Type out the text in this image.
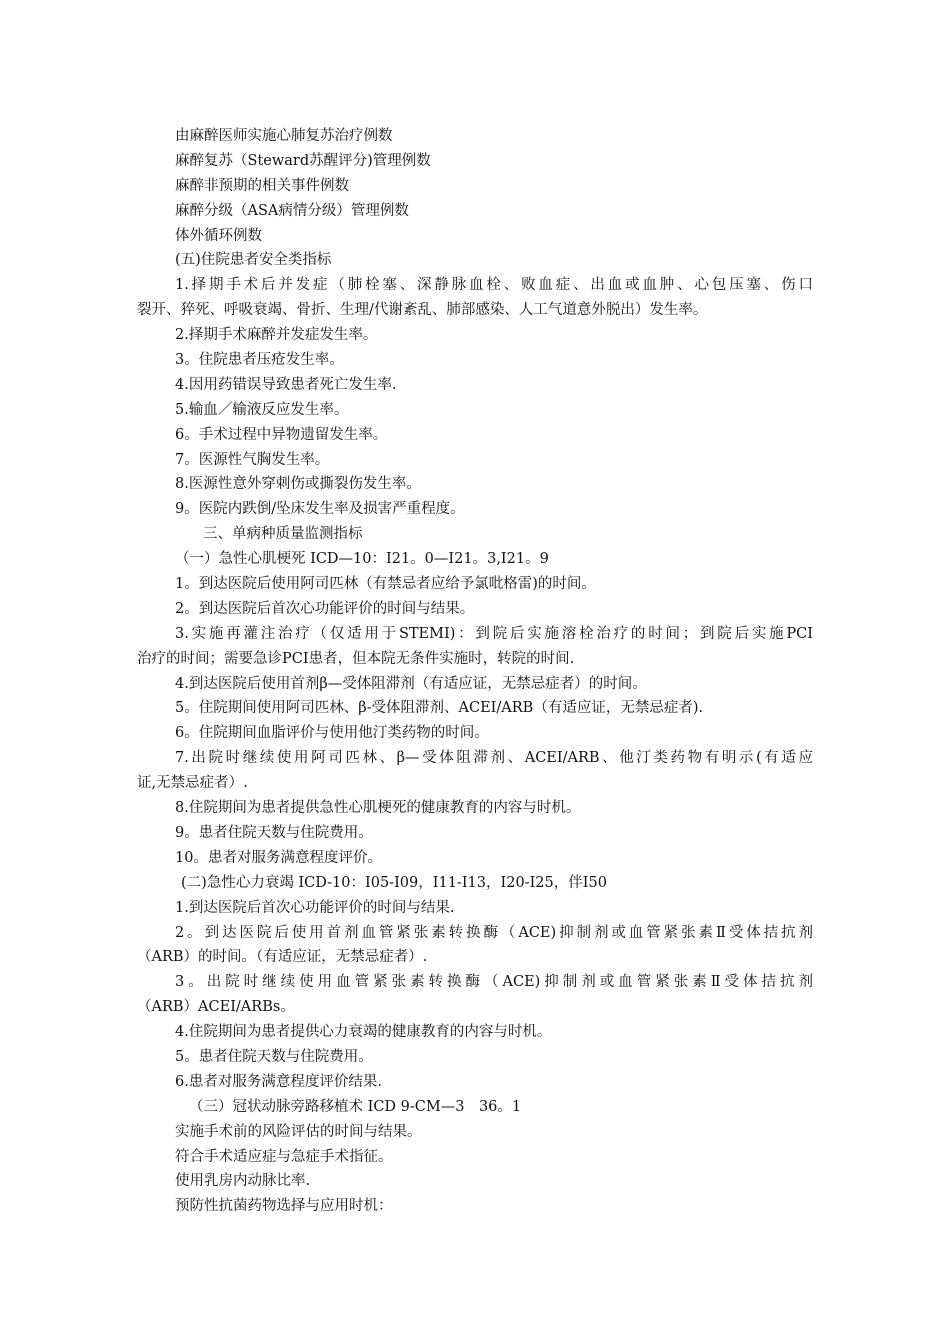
由麻醉医师实施心肺复苏治疗例数
麻醉复苏（Steward苏醒评分)管理例数
麻醉非预期的相关事件例数
麻醉分级（ASA病情分级）管理例数
体外循环例数
(五)住院患者安全类指标
1.择期手术后并发症（肺栓塞、深静脉血栓、败血症、出血或血肿、心包压塞、伤口
裂开、猝死、呼吸衰竭、骨折、生理/代谢紊乱、肺部感染、人工气道意外脱出）发生率。
2.择期手术麻醉并发症发生率。
3。住院患者压疮发生率。
4.因用药错误导致患者死亡发生率.
5.输血／输液反应发生率。
6。手术过程中异物遗留发生率。
7。医源性气胸发生率。
8.医源性意外穿刺伤或撕裂伤发生率。
9。医院内跌倒/坠床发生率及损害严重程度。
三、单病种质量监测指标
（一）急性心肌梗死 ICD—10：I21。0—I21。3,I21。9
1。到达医院后使用阿司匹林（有禁忌者应给予氯吡格雷)的时间。
2。到达医院后首次心功能评价的时间与结果。
3.实施再灌注治疗（仅适用于STEMI)：到院后实施溶栓治疗的时间；到院后实施PCI
治疗的时间；需要急诊PCI患者，但本院无条件实施时，转院的时间.
4.到达医院后使用首剂β—受体阻滞剂（有适应证，无禁忌症者）的时间。
5。住院期间使用阿司匹林、β-受体阻滞剂、ACEI/ARB（有适应证，无禁忌症者).
6。住院期间血脂评价与使用他汀类药物的时间。
7.出院时继续使用阿司匹林、β—受体阻滞剂、ACEI/ARB、他汀类药物有明示(有适应
证,无禁忌症者）.
8.住院期间为患者提供急性心肌梗死的健康教育的内容与时机。
9。患者住院天数与住院费用。
10。患者对服务满意程度评价。
(二)急性心力衰竭 ICD-10：I05-I09，I11-I13，I20-I25，伴I50
1.到达医院后首次心功能评价的时间与结果.
2。到达医院后使用首剂血管紧张素转换酶（ACE)抑制剂或血管紧张素Ⅱ受体拮抗剂
（ARB）的时间。（有适应证，无禁忌症者）.
3。出院时继续使用血管紧张素转换酶（ACE)抑制剂或血管紧张素Ⅱ受体拮抗剂
（ARB）ACEI/ARBs。
4.住院期间为患者提供心力衰竭的健康教育的内容与时机。
5。患者住院天数与住院费用。
6.患者对服务满意程度评价结果.
（三）冠状动脉旁路移植术 ICD 9-CM—3　36。1
实施手术前的风险评估的时间与结果。
符合手术适应症与急症手术指征。
使用乳房内动脉比率.
预防性抗菌药物选择与应用时机：
